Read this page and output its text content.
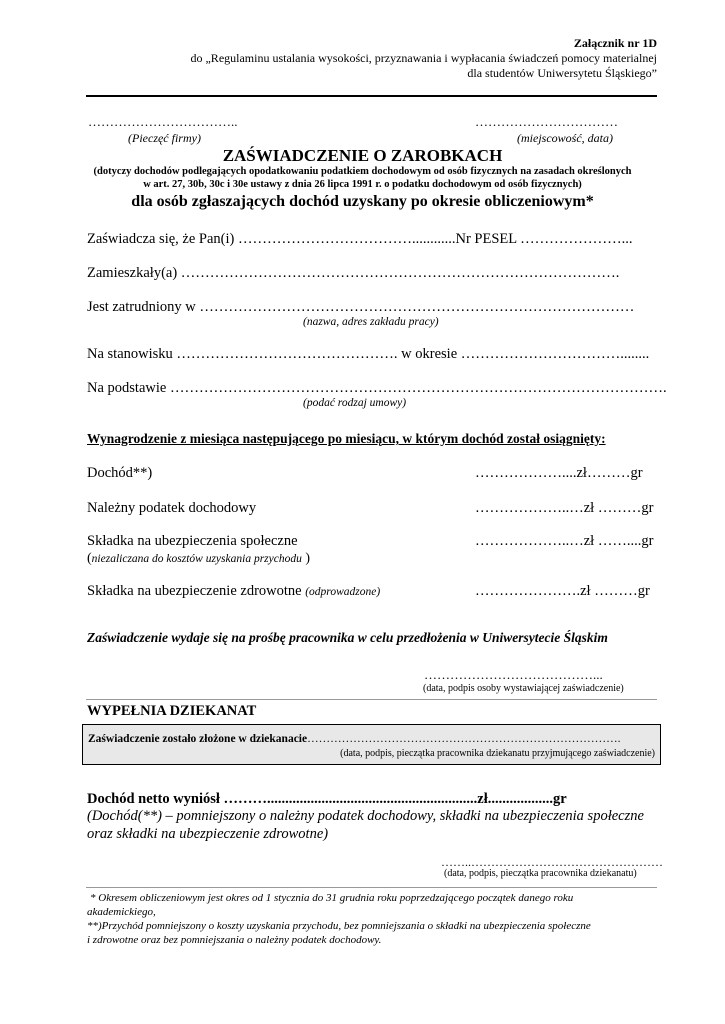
Załącznik nr 1D
do „Regulaminu ustalania wysokości, przyznawania i wypłacania świadczeń pomocy materialnej
dla studentów Uniwersytetu Śląskiego”
……………………………..
(Pieczęć firmy)
……………………………
(miejscowość, data)
ZAŚWIADCZENIE O ZAROBKACH
(dotyczy dochodów podlegających opodatkowaniu podatkiem dochodowym od osób fizycznych na zasadach określonych
w art. 27, 30b, 30c i 30e ustawy z dnia 26 lipca 1991 r. o podatku dochodowym od osób fizycznych)
dla osób zgłaszających dochód uzyskany po okresie obliczeniowym*
Zaświadcza się, że Pan(i) ………………………………............Nr PESEL …………………...
Zamieszkały(a) ……………………………………………………………………………….
Jest zatrudniony w ………………………………………………………………………………
(nazwa, adres zakładu pracy)
Na stanowisku ………………………………………. w okresie ……………………………........
Na podstawie ………………………………………………………………………………………….
(podać rodzaj umowy)
Wynagrodzenie z miesiąca następującego po miesiącu, w którym dochód został osiągnięty:
Dochód**)	………………....zł………gr
Należny podatek dochodowy	………………..…zł ………gr
Składka na ubezpieczenia społeczne	………………..…zł ……....gr
(niezaliczana do kosztów uzyskania przychodu )
Składka na ubezpieczenie zdrowotne (odprowadzone)	………………….zł ………gr
Zaświadczenie wydaje się na prośbę pracownika w celu przedłożenia w Uniwersytecie Śląskim
…………………………………...
(data, podpis osoby wystawiającej zaświadczenie)
WYPEŁNIA DZIEKANAT
Zaświadczenie zostało złożone w dziekanacie……………………………………………………………………….
(data, podpis, pieczątka pracownika dziekanatu przyjmującego zaświadczenie)
Dochód netto wyniósł ………..........................................................zł..................gr
(Dochód(**) – pomniejszony o należny podatek dochodowy, składki na ubezpieczenia społeczne
oraz składki na ubezpieczenie zdrowotne)
……..…………………………………………
(data, podpis, pieczątka pracownika dziekanatu)
* Okresem obliczeniowym jest okres od 1 stycznia do 31 grudnia roku poprzedzającego początek danego roku
akademickiego,
**)Przychód pomniejszony o koszty uzyskania przychodu, bez pomniejszania o składki na ubezpieczenia społeczne
i zdrowotne oraz bez pomniejszania o należny podatek dochodowy.
